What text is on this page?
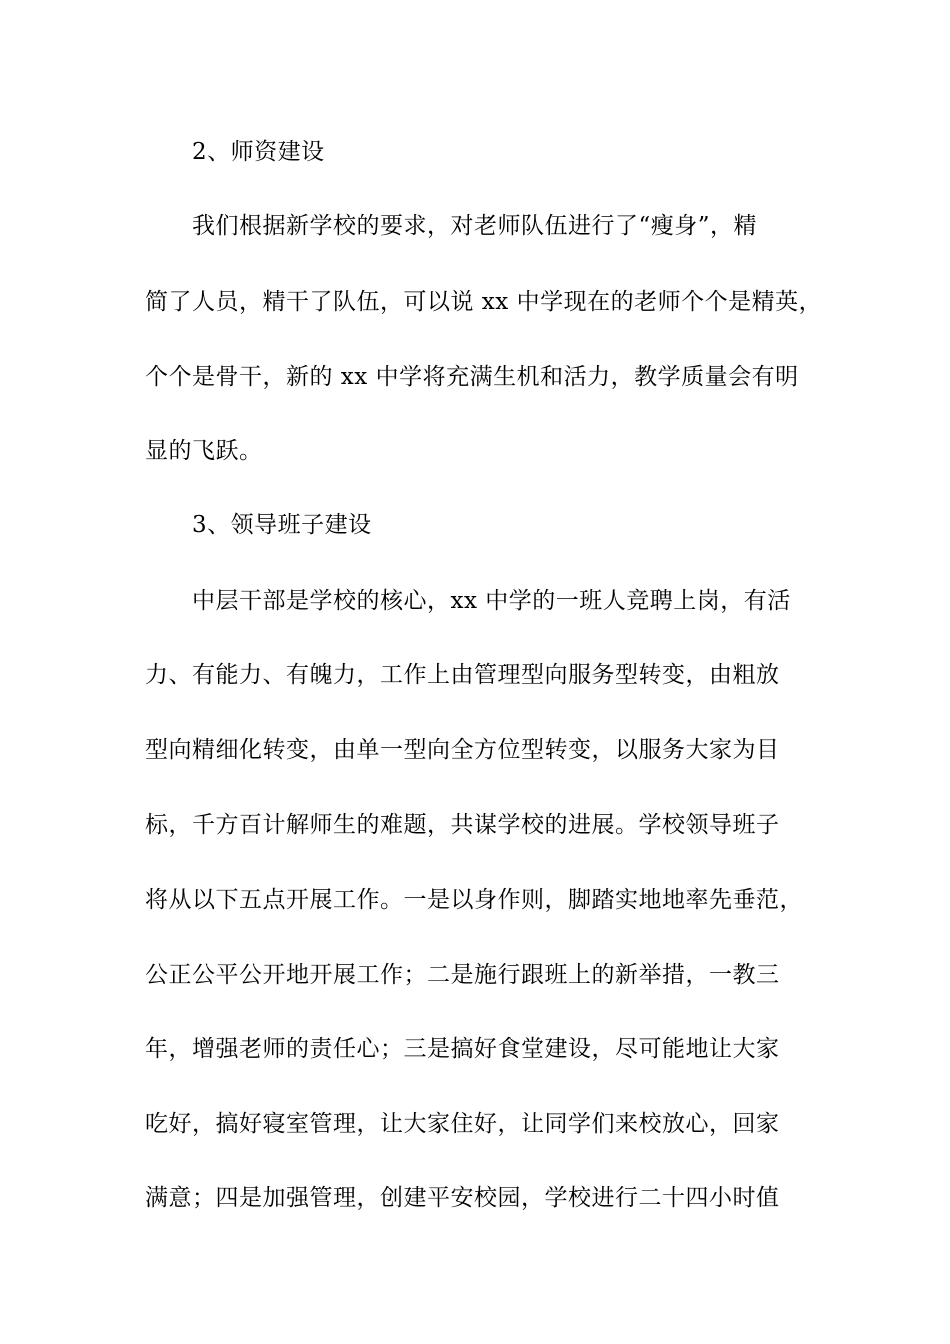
2、师资建设
我们根据新学校的要求，对老师队伍进行了“瘦身”，精
简了人员，精干了队伍，可以说 xx 中学现在的老师个个是精英，
个个是骨干，新的 xx 中学将充满生机和活力，教学质量会有明
显的飞跃。
3、领导班子建设
中层干部是学校的核心，xx 中学的一班人竞聘上岗，有活
力、有能力、有魄力，工作上由管理型向服务型转变，由粗放
型向精细化转变，由单一型向全方位型转变，以服务大家为目
标，千方百计解师生的难题，共谋学校的进展。学校领导班子
将从以下五点开展工作。一是以身作则，脚踏实地地率先垂范，
公正公平公开地开展工作；二是施行跟班上的新举措，一教三
年，增强老师的责任心；三是搞好食堂建设，尽可能地让大家
吃好，搞好寝室管理，让大家住好，让同学们来校放心，回家
满意；四是加强管理，创建平安校园，学校进行二十四小时值
